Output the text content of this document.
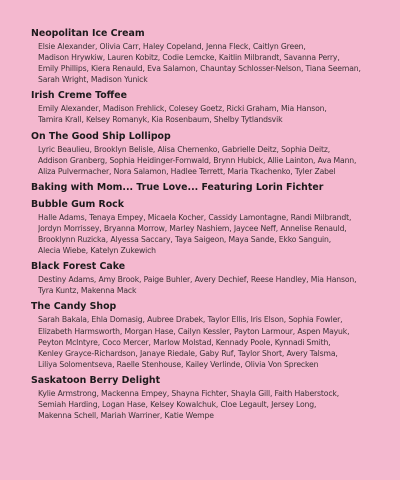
Neopolitan Ice Cream
Elsie Alexander, Olivia Carr, Haley Copeland, Jenna Fleck, Caitlyn Green,
Madison Hrywkiw, Lauren Kobitz, Codie Lemcke, Kaitlin Milbrandt, Savanna Perry,
Emily Phillips, Kiera Renauld, Eva Salamon, Chauntay Schlosser-Nelson, Tiana Seeman,
Sarah Wright, Madison Yunick
Irish Creme Toffee
Emily Alexander, Madison Frehlick, Colesey Goetz, Ricki Graham, Mia Hanson,
Tamira Krall, Kelsey Romanyk, Kia Rosenbaum, Shelby Tytlandsvik
On The Good Ship Lollipop
Lyric Beaulieu, Brooklyn Belisle, Alisa Chernenko, Gabrielle Deitz, Sophia Deitz,
Addison Granberg, Sophia Heidinger-Fornwald, Brynn Hubick, Allie Lainton, Ava Mann,
Aliza Pulvermacher, Nora Salamon, Hadlee Terrett, Maria Tkachenko, Tyler Zabel
Baking with Mom... True Love... Featuring Lorin Fichter
Bubble Gum Rock
Halle Adams, Tenaya Empey, Micaela Kocher, Cassidy Lamontagne, Randi Milbrandt,
Jordyn Morrissey, Bryanna Morrow, Marley Nashiem, Jaycee Neff, Annelise Renauld,
Brooklynn Ruzicka, Alyessa Saccary, Taya Saigeon, Maya Sande, Ekko Sanguin,
Alecia Wiebe, Katelyn Zukewich
Black Forest Cake
Destiny Adams, Amy Brook, Paige Buhler, Avery Dechief, Reese Handley, Mia Hanson,
Tyra Kuntz, Makenna Mack
The Candy Shop
Sarah Bakala, Ehla Domasig, Aubree Drabek, Taylor Ellis, Iris Elson, Sophia Fowler,
Elizabeth Harmsworth, Morgan Hase, Cailyn Kessler, Payton Larmour, Aspen Mayuk,
Peyton McIntyre, Coco Mercer, Marlow Molstad, Kennady Poole, Kynnadi Smith,
Kenley Grayce-Richardson, Janaye Riedale, Gaby Ruf, Taylor Short, Avery Talsma,
Liliya Solomentseva, Raelle Stenhouse, Kailey Verlinde, Olivia Von Sprecken
Saskatoon Berry Delight
Kylie Armstrong, Mackenna Empey, Shayna Fichter, Shayla Gill, Faith Haberstock,
Semiah Harding, Logan Hase, Kelsey Kowalchuk, Cloe Legault, Jersey Long,
Makenna Schell, Mariah Warriner, Katie Wempe
